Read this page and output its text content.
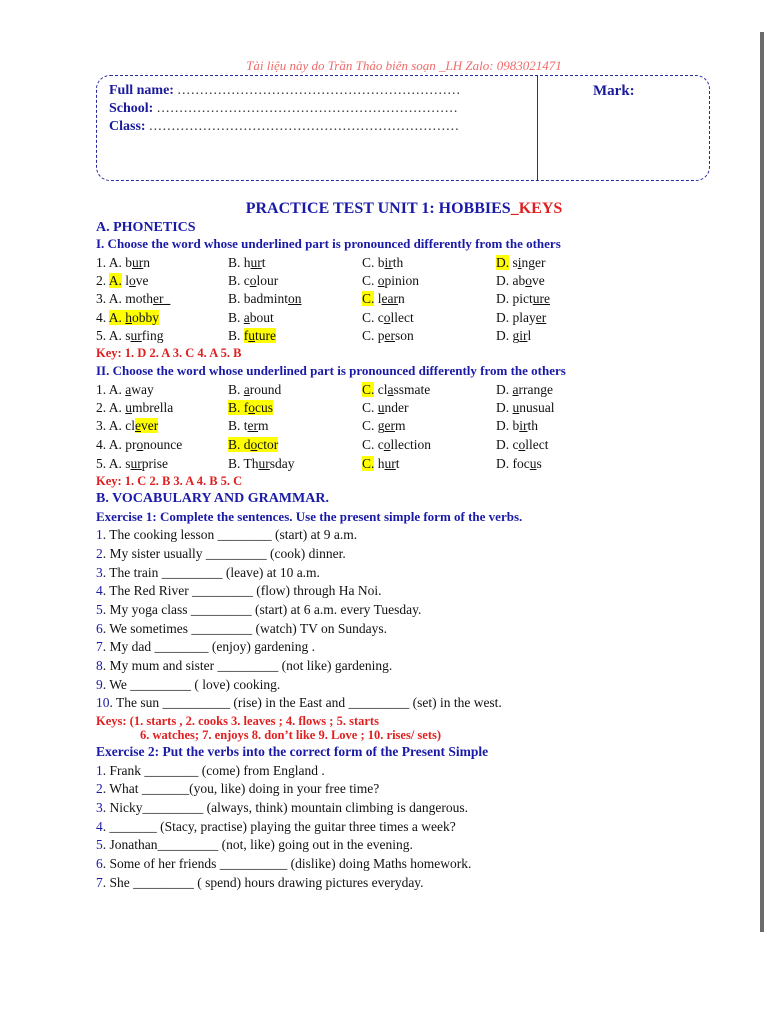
Tài liệu này do Trần Thảo biên soạn _LH Zalo: 0983021471
Full name: ...............................................................
School: ...................................................................
Class: .....................................................................
Mark:
PRACTICE TEST UNIT 1: HOBBIES_KEYS
A. PHONETICS
I. Choose the word whose underlined part is pronounced differently from the others
1. A. burn	B. hurt	C. birth	D. singer
2. A. love	B. colour	C. opinion	D. above
3. A. mother_	B. badminton	C. learn	D. picture
4. A. hobby	B. about	C. collect	D. player
5. A. surfing	B. future	C. person	D. girl
Key: 1. D 2. A 3. C 4. A 5. B
II. Choose the word whose underlined part is pronounced differently from the others
1. A. away	B. around	C. classmate	D. arrange
2. A. umbrella	B. focus	C. under	D. unusual
3. A. clever	B. term	C. germ	D. birth
4. A. pronounce	B. doctor	C. collection	D. collect
5. A. surprise	B. Thursday	C. hurt	D. focus
Key: 1. C 2. B 3. A 4. B 5. C
B. VOCABULARY AND GRAMMAR.
Exercise 1: Complete the sentences. Use the present simple form of the verbs.
1. The cooking lesson ________ (start) at 9 a.m.
2. My sister usually _________ (cook) dinner.
3. The train _________ (leave) at 10 a.m.
4. The Red River _________ (flow) through Ha Noi.
5. My yoga class _________ (start) at 6 a.m. every Tuesday.
6. We sometimes _________ (watch) TV on Sundays.
7. My dad ________ (enjoy) gardening .
8. My mum and sister _________ (not like) gardening.
9. We _________ ( love) cooking.
10. The sun __________ (rise) in the East and _________ (set) in the west.
Keys: (1. starts , 2. cooks 3. leaves ; 4. flows ; 5. starts
6. watches; 7. enjoys 8. don’t like 9. Love ; 10. rises/ sets)
Exercise 2: Put the verbs into the correct form of the Present Simple
1. Frank ________ (come) from England .
2. What _______(you, like) doing in your free time?
3. Nicky_________ (always, think) mountain climbing is dangerous.
4. _______ (Stacy, practise) playing the guitar three times a week?
5. Jonathan_________ (not, like) going out in the evening.
6. Some of her friends __________ (dislike) doing Maths homework.
7. She _________ ( spend) hours drawing pictures everyday.
